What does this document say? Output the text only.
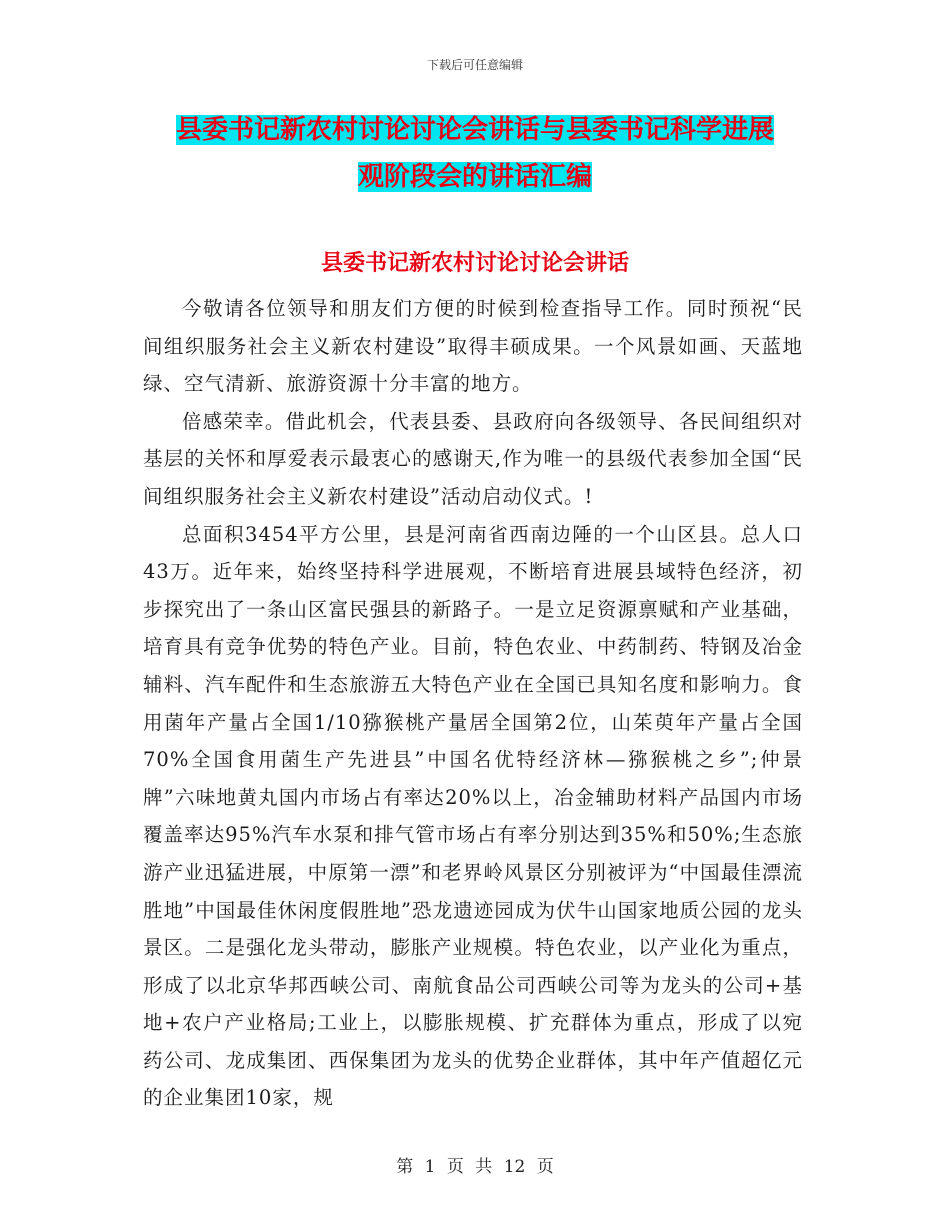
下载后可任意编辑
县委书记新农村讨论讨论会讲话与县委书记科学进展
观阶段会的讲话汇编
县委书记新农村讨论讨论会讲话

今敬请各位领导和朋友们方便的时候到检查指导工作。同时预祝“民间组织服务社会主义新农村建设”取得丰硕成果。一个风景如画、天蓝地绿、空气清新、旅游资源十分丰富的地方。

倍感荣幸。借此机会，代表县委、县政府向各级领导、各民间组织对基层的关怀和厚爱表示最衷心的感谢天,作为唯一的县级代表参加全国“民间组织服务社会主义新农村建设”活动启动仪式。!

总面积3454平方公里，县是河南省西南边陲的一个山区县。总人口43万。近年来，始终坚持科学进展观，不断培育进展县域特色经济，初步探究出了一条山区富民强县的新路子。一是立足资源禀赋和产业基础，培育具有竞争优势的特色产业。目前，特色农业、中药制药、特钢及冶金辅料、汽车配件和生态旅游五大特色产业在全国已具知名度和影响力。食用菌年产量占全国1/10猕猴桃产量居全国第2位，山茱萸年产量占全国70%全国食用菌生产先进县”中国名优特经济林—猕猴桃之乡”;仲景牌”六味地黄丸国内市场占有率达20%以上，冶金辅助材料产品国内市场覆盖率达95%汽车水泵和排气管市场占有率分别达到35%和50%;生态旅游产业迅猛进展，中原第一漂”和老界岭风景区分别被评为“中国最佳漂流胜地”中国最佳休闲度假胜地”恐龙遗迹园成为伏牛山国家地质公园的龙头景区。二是强化龙头带动，膨胀产业规模。特色农业，以产业化为重点，形成了以北京华邦西峡公司、南航食品公司西峡公司等为龙头的公司+基地+农户产业格局;工业上，以膨胀规模、扩充群体为重点，形成了以宛药公司、龙成集团、西保集团为龙头的优势企业群体，其中年产值超亿元的企业集团10家，规

第 1 页 共 12 页
